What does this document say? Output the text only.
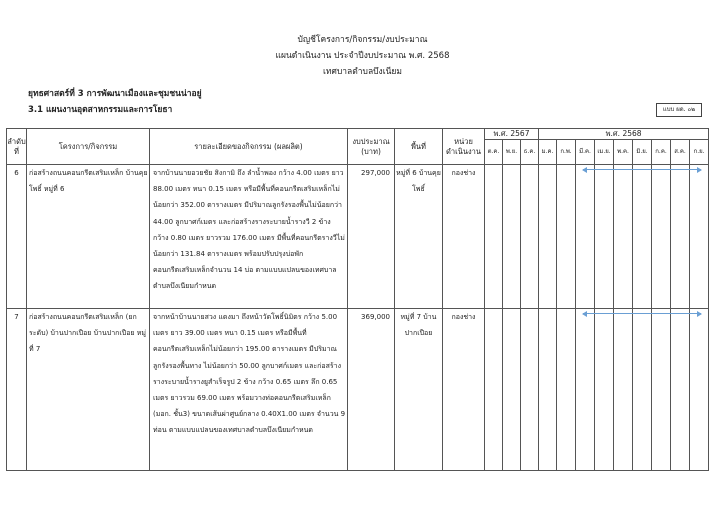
บัญชีโครงการ/กิจกรรม/งบประมาณ
แผนดำเนินงาน ประจำปีงบประมาณ พ.ศ. 2568
เทศบาลตำบลบึงเนียม
ยุทธศาสตร์ที่ 3 การพัฒนาเมืองและชุมชนน่าอยู่
3.1 แผนงานอุตสาหกรรมและการโยธา	แบบ ผด. ๐๒
ลำดับที่	โครงการ/กิจกรรม	รายละเอียดของกิจกรรม (ผลผลิต)	งบประมาณ (บาท)	พื้นที่	หน่วย ดำเนินงาน	พ.ศ. 2567			พ.ศ. 2568								
						ต.ค.	พ.ย.	ธ.ค.	ม.ค.	ก.พ.	มี.ค.	เม.ย.	พ.ค.	มิ.ย.	ก.ค.	ส.ค.	ก.ย.
6	ก่อสร้างถนนคอนกรีตเสริมเหล็ก บ้านคุยโพธิ์ หมู่ที่ 6	จากบ้านนายอวยชัย สิงกามิ ถึง ลำน้ำพอง กว้าง 4.00 เมตร ยาว 88.00 เมตร หนา 0.15 เมตร หรือมีพื้นที่คอนกรีตเสริมเหล็กไม่น้อยกว่า 352.00 ตารางเมตร มีปริมาณลูกรังรองพื้นไม่น้อยกว่า 44.00 ลูกบาศก์เมตร และก่อสร้างรางระบายน้ำรางวี 2 ข้าง กว้าง 0.80 เมตร ยาวรวม 176.00 เมตร มีพื้นที่คอนกรีตรางวีไม่น้อยกว่า 131.84 ตารางเมตร พร้อมปรับปรุงบ่อพักคอนกรีตเสริมเหล็กจำนวน 14 บ่อ ตามแบบแปลนของเทศบาลตำบลบึงเนียมกำหนด	297,000	หมู่ที่ 6 บ้านคุยโพธิ์	กองช่าง												
7	ก่อสร้างถนนคอนกรีตเสริมเหล็ก (ยกระดับ) บ้านปากเปือย บ้านปากเปือย หมู่ที่ 7	จากหน้าบ้านนายสวง แดงมา ถึงหน้าวัดโพธิ์นิมิตร กว้าง 5.00 เมตร ยาว 39.00 เมตร หนา 0.15 เมตร หรือมีพื้นที่คอนกรีตเสริมเหล็กไม่น้อยกว่า 195.00 ตารางเมตร มีปริมาณลูกรังรองพื้นทาง ไม่น้อยกว่า 50.00 ลูกบาศก์เมตร และก่อสร้างรางระบายน้ำรางยูสำเร็จรูป 2 ข้าง กว้าง 0.65 เมตร ลึก 0.65 เมตร ยาวรวม 69.00 เมตร พร้อมวางท่อคอนกรีตเสริมเหล็ก (มอก. ชั้น3) ขนาดเส้นผ่าศูนย์กลาง 0.40X1.00 เมตร จำนวน 9 ท่อน ตามแบบแปลนของเทศบาลตำบลบึงเนียมกำหนด	369,000	หมู่ที่ 7 บ้านปากเปือย	กองช่าง												
